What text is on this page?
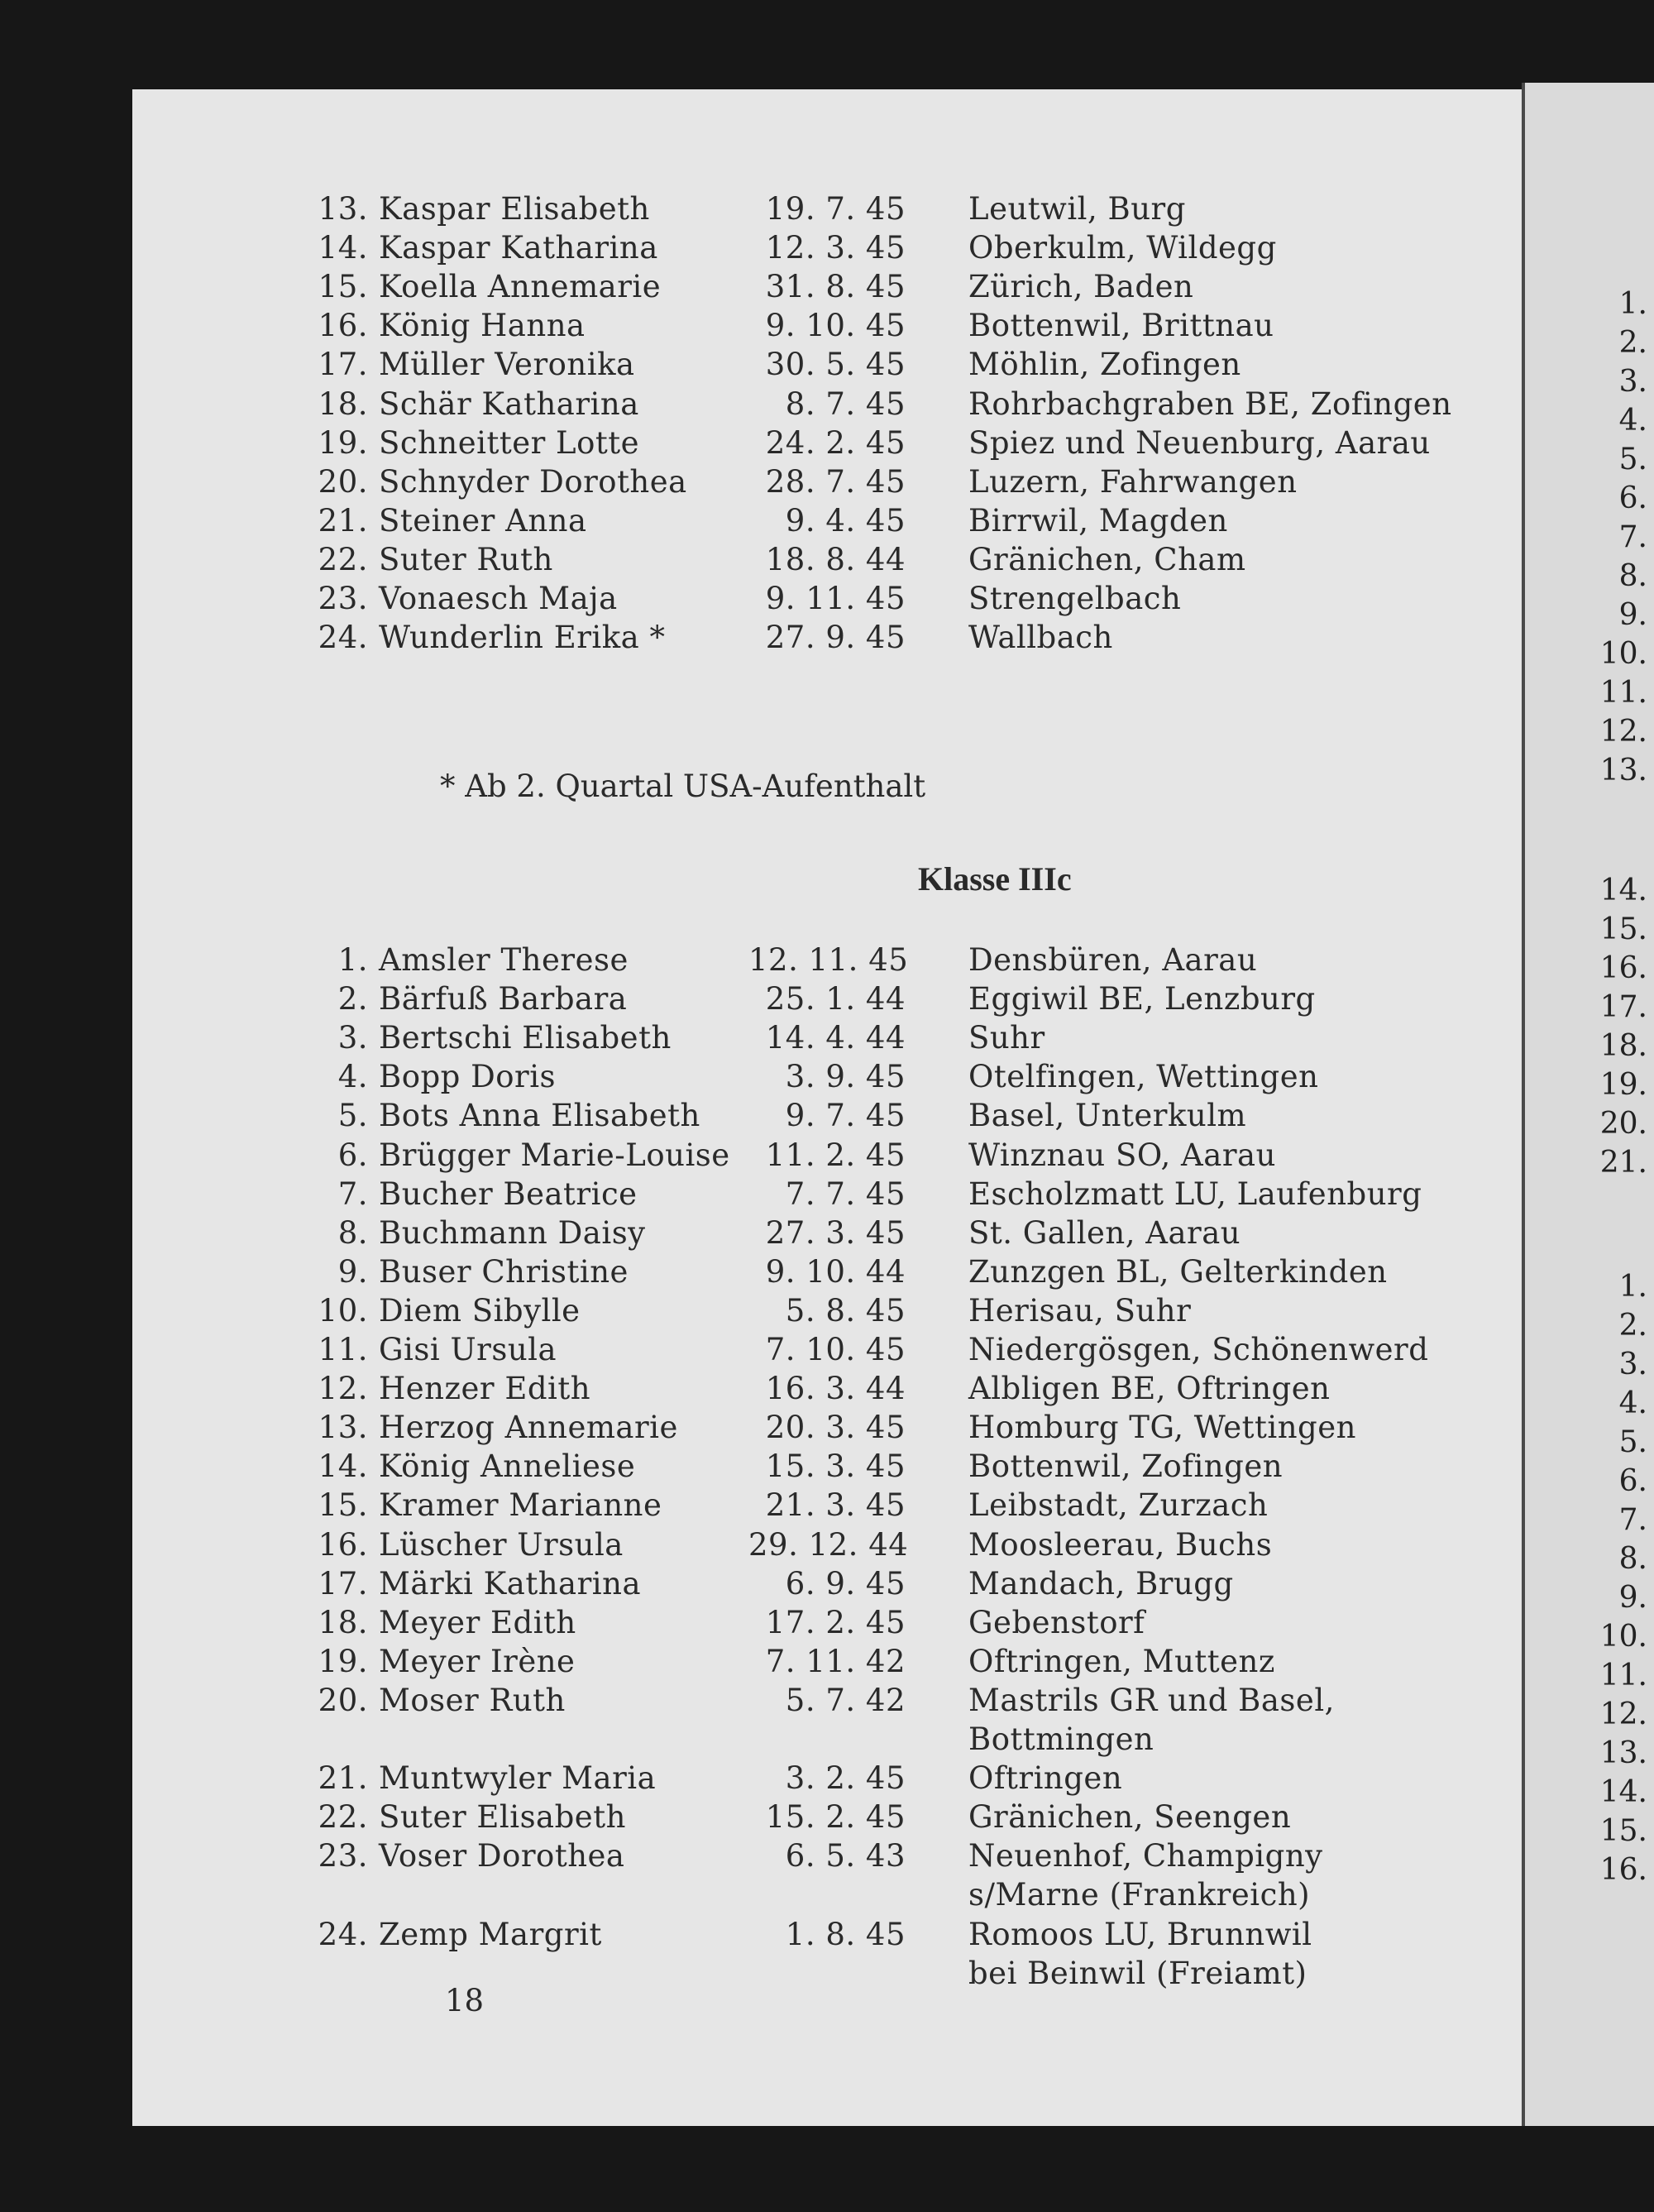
13. Kaspar Elisabeth	19. 7. 45 Leutwil, Burg
14. Kaspar Katharina	12. 3. 45 Oberkulm, Wildegg
15. Koella Annemarie	31. 8. 45 Zürich, Baden
16. König Hanna	9. 10. 45 Bottenwil, Brittnau
17. Müller Veronika	30. 5. 45 Möhlin, Zofingen
18. Schär Katharina	8. 7. 45 Rohrbachgraben BE, Zofingen
19. Schneitter Lotte	24. 2. 45 Spiez und Neuenburg, Aarau
20. Schnyder Dorothea	28. 7. 45 Luzern, Fahrwangen
21. Steiner Anna	9. 4. 45 Birrwil, Magden
22. Suter Ruth	18. 8. 44 Gränichen, Cham
23. Vonaesch Maja	9. 11. 45 Strengelbach
24. Wunderlin Erika *	27. 9. 45 Wallbach
* Ab 2. Quartal USA-Aufenthalt
Klasse IIIc
1. Amsler Therese	12. 11. 45 Densbüren, Aarau
2. Bärfuß Barbara	25. 1. 44 Eggiwil BE, Lenzburg
3. Bertschi Elisabeth	14. 4. 44 Suhr
4. Bopp Doris	3. 9. 45 Otelfingen, Wettingen
5. Bots Anna Elisabeth	9. 7. 45 Basel, Unterkulm
6. Brügger Marie-Louise	11. 2. 45 Winznau SO, Aarau
7. Bucher Beatrice	7. 7. 45 Escholzmatt LU, Laufenburg
8. Buchmann Daisy	27. 3. 45 St. Gallen, Aarau
9. Buser Christine	9. 10. 44 Zunzgen BL, Gelterkinden
10. Diem Sibylle	5. 8. 45 Herisau, Suhr
11. Gisi Ursula	7. 10. 45 Niedergösgen, Schönenwerd
12. Henzer Edith	16. 3. 44 Albligen BE, Oftringen
13. Herzog Annemarie	20. 3. 45 Homburg TG, Wettingen
14. König Anneliese	15. 3. 45 Bottenwil, Zofingen
15. Kramer Marianne	21. 3. 45 Leibstadt, Zurzach
16. Lüscher Ursula	29. 12. 44 Moosleerau, Buchs
17. Märki Katharina	6. 9. 45 Mandach, Brugg
18. Meyer Edith	17. 2. 45 Gebenstorf
19. Meyer Irène	7. 11. 42 Oftringen, Muttenz
20. Moser Ruth	5. 7. 42 Mastrils GR und Basel,
Bottmingen
21. Muntwyler Maria	3. 2. 45 Oftringen
22. Suter Elisabeth	15. 2. 45 Gränichen, Seengen
23. Voser Dorothea	6. 5. 43 Neuenhof, Champigny
s/Marne (Frankreich)
24. Zemp Margrit	1. 8. 45 Romoos LU, Brunnwil
bei Beinwil (Freiamt)
18
1.
2.
3.
4.
5.
6.
7.
8.
9.
10.
11.
12.
13.
14.
15.
16.
17.
18.
19.
20.
21.
1.
2.
3.
4.
5.
6.
7.
8.
9.
10.
11.
12.
13.
14.
15.
16.
